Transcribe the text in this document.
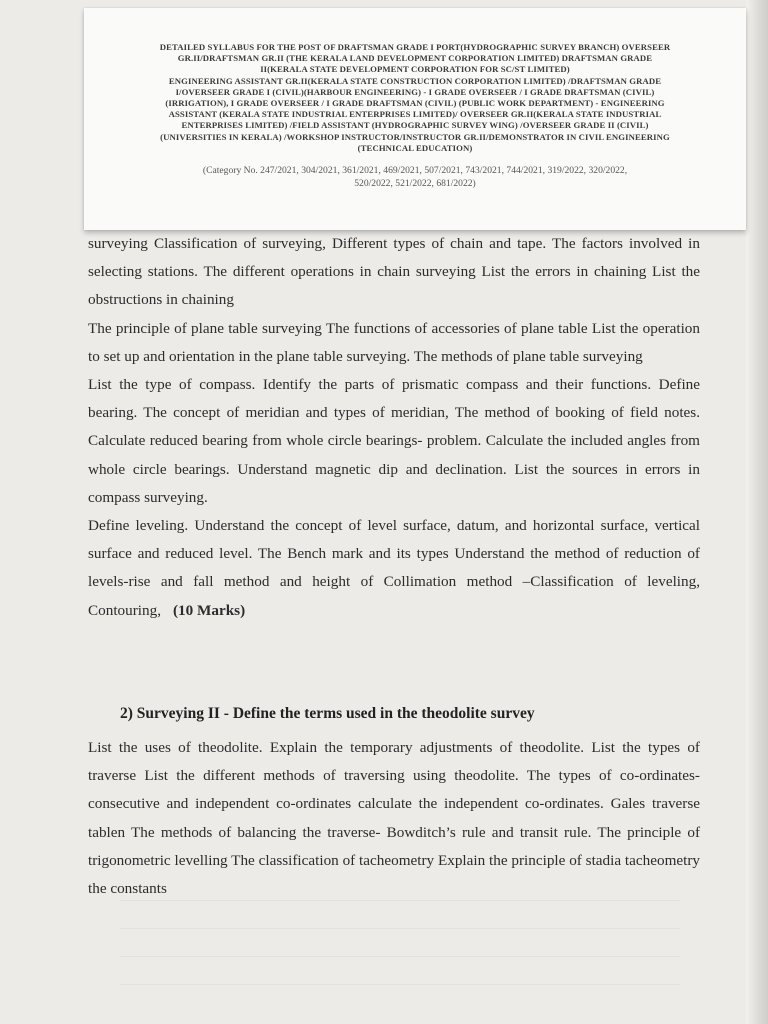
DETAILED SYLLABUS FOR THE POST OF DRAFTSMAN GRADE I PORT(HYDROGRAPHIC SURVEY BRANCH) OVERSEER
GR.II/DRAFTSMAN GR.II (THE KERALA LAND DEVELOPMENT CORPORATION LIMITED) DRAFTSMAN GRADE
II(KERALA STATE DEVELOPMENT CORPORATION FOR SC/ST LIMITED)
ENGINEERING ASSISTANT GR.II(KERALA STATE CONSTRUCTION CORPORATION LIMITED) /DRAFTSMAN GRADE
I/OVERSEER GRADE I (CIVIL)(HARBOUR ENGINEERING) - I GRADE OVERSEER / I GRADE DRAFTSMAN (CIVIL)
(IRRIGATION), I GRADE OVERSEER / I GRADE DRAFTSMAN (CIVIL) (PUBLIC WORK DEPARTMENT) - ENGINEERING
ASSISTANT (KERALA STATE INDUSTRIAL ENTERPRISES LIMITED)/ OVERSEER GR.II(KERALA STATE INDUSTRIAL
ENTERPRISES LIMITED) /FIELD ASSISTANT (HYDROGRAPHIC SURVEY WING) /OVERSEER GRADE II (CIVIL)
(UNIVERSITIES IN KERALA) /WORKSHOP INSTRUCTOR/INSTRUCTOR GR.II/DEMONSTRATOR IN CIVIL ENGINEERING
(TECHNICAL EDUCATION)
(Category No. 247/2021, 304/2021, 361/2021, 469/2021, 507/2021, 743/2021, 744/2021, 319/2022, 320/2022,
520/2022, 521/2022, 681/2022)

surveying Classification of surveying, Different types of chain and tape. The factors involved in selecting stations. The different operations in chain surveying List the errors in chaining List the obstructions in chaining

The principle of plane table surveying The functions of accessories of plane table List the operation to set up and orientation in the plane table surveying. The methods of plane table surveying

List the type of compass. Identify the parts of prismatic compass and their functions. Define bearing. The concept of meridian and types of meridian, The method of booking of field notes. Calculate reduced bearing from whole circle bearings- problem. Calculate the included angles from whole circle bearings. Understand magnetic dip and declination. List the sources in errors in compass surveying.

Define leveling. Understand the concept of level surface, datum, and horizontal surface, vertical surface and reduced level. The Bench mark and its types Understand the method of reduction of levels-rise and fall method and height of Collimation method –Classification of leveling, Contouring, (10 Marks)

2) Surveying II - Define the terms used in the theodolite survey

List the uses of theodolite. Explain the temporary adjustments of theodolite. List the types of traverse List the different methods of traversing using theodolite. The types of co-ordinates- consecutive and independent co-ordinates calculate the independent co-ordinates. Gales traverse tablen The methods of balancing the traverse- Bowditch’s rule and transit rule. The principle of trigonometric levelling The classification of tacheometry Explain the principle of stadia tacheometry the constants
